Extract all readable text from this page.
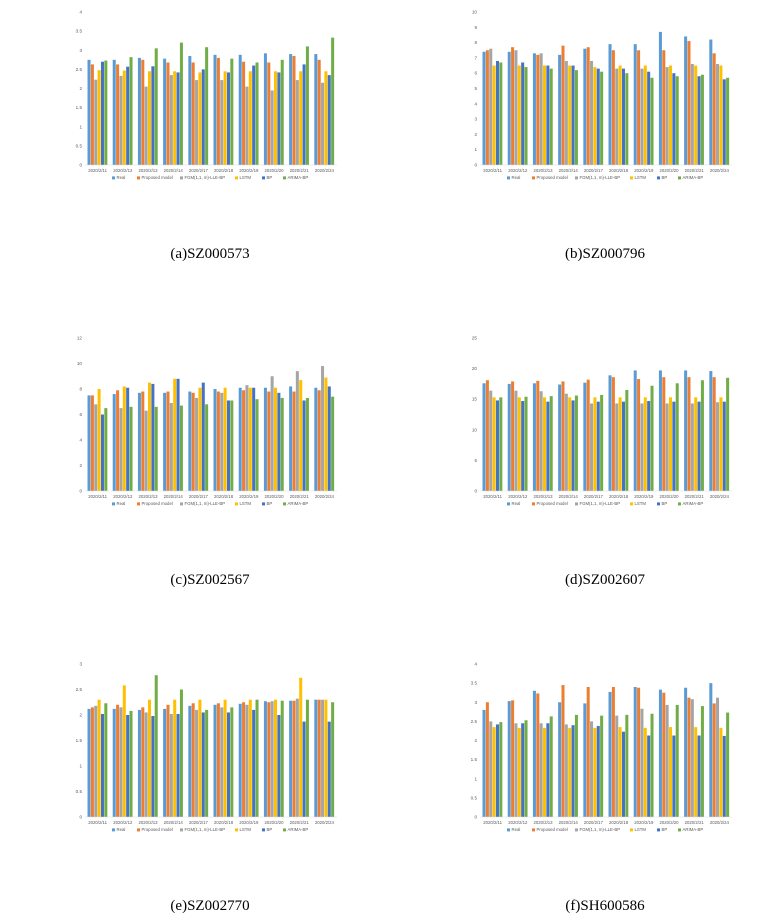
0
0.5
1
1.5
2
2.5
3
3.5
4
2020/2/11 2020/2/12 2020/2/13 2020/2/14 2020/2/17 2020/2/18 2020/2/19 2020/2/20 2020/2/21 2020/2/24
Real	Proposed model	FGM(1,1, m)-LLE-BP	LSTM	BP	ARIMA-BP
0
1
2
3
4
5
6
7
8
9
10
2020/2/11 2020/2/12 2020/2/13 2020/2/14 2020/2/17 2020/2/18 2020/2/19 2020/2/20 2020/2/21 2020/2/24
Real	Proposed model	FGM(1,1, m)-LLE-BP	LSTM	BP	ARIMA-BP
0
2
4
6
8
10
12
2020/2/11 2020/2/12 2020/2/13 2020/2/14 2020/2/17 2020/2/18 2020/2/19 2020/2/20 2020/2/21 2020/2/24
Real	Proposed model	FGM(1,1, m)-LLE-BP	LSTM	BP	ARIMA-BP
0
5
10
15
20
25
2020/2/11 2020/2/12 2020/2/13 2020/2/14 2020/2/17 2020/2/18 2020/2/19 2020/2/20 2020/2/21 2020/2/24
Real	Proposed model	FGM(1,1, m)-LLE-BP	LSTM	BP	ARIMA-BP
0
0.5
1
1.5
2
2.5
3
2020/2/11 2020/2/12 2020/2/13 2020/2/14 2020/2/17 2020/2/18 2020/2/19 2020/2/20 2020/2/21 2020/2/24
Real	Proposed model	FGM(1,1, m)-LLE-BP	LSTM	BP	ARIMA-BP
0
0.5
1
1.5
2
2.5
3
3.5
4
2020/2/11 2020/2/12 2020/2/13 2020/2/14 2020/2/17 2020/2/18 2020/2/19 2020/2/20 2020/2/21 2020/2/24
Real	Proposed model	FGM(1,1, m)-LLE-BP	LSTM	BP	ARIMA-BP
(a)SZ000573	(b)SZ000796
(c)SZ002567	(d)SZ002607
(e)SZ002770	(f)SH600586
